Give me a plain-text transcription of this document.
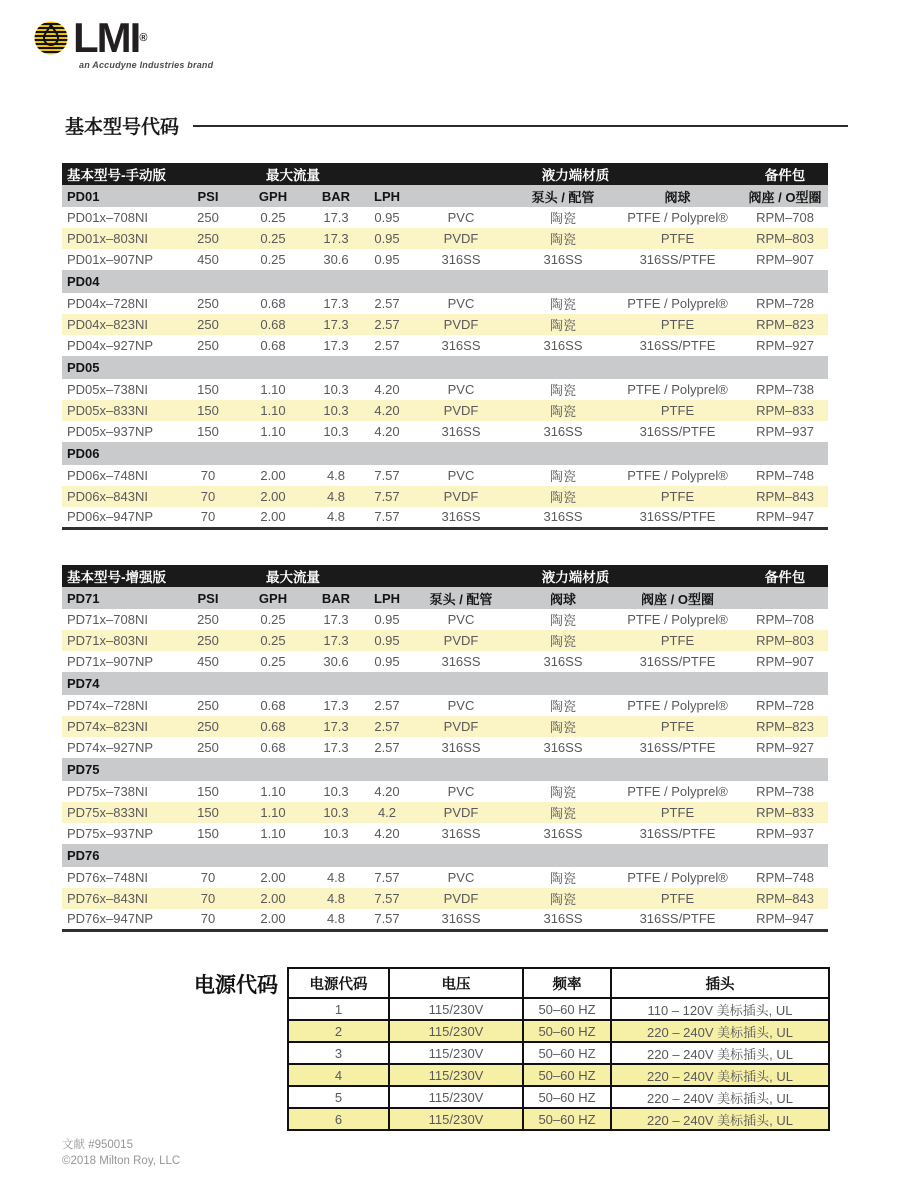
LMI®
an Accudyne Industries brand
基本型号代码
基本型号-手动版	最大流量				液力端材质			备件包
PD01	PSI	GPH	BAR	LPH		泵头 / 配管	阀球	阀座 / O型圈
PD01x–708NI	250	0.25	17.3	0.95	PVC	陶瓷	PTFE / Polyprel®	RPM–708
PD01x–803NI	250	0.25	17.3	0.95	PVDF	陶瓷	PTFE	RPM–803
PD01x–907NP	450	0.25	30.6	0.95	316SS	316SS	316SS/PTFE	RPM–907
PD04								
PD04x–728NI	250	0.68	17.3	2.57	PVC	陶瓷	PTFE / Polyprel®	RPM–728
PD04x–823NI	250	0.68	17.3	2.57	PVDF	陶瓷	PTFE	RPM–823
PD04x–927NP	250	0.68	17.3	2.57	316SS	316SS	316SS/PTFE	RPM–927
PD05								
PD05x–738NI	150	1.10	10.3	4.20	PVC	陶瓷	PTFE / Polyprel®	RPM–738
PD05x–833NI	150	1.10	10.3	4.20	PVDF	陶瓷	PTFE	RPM–833
PD05x–937NP	150	1.10	10.3	4.20	316SS	316SS	316SS/PTFE	RPM–937
PD06								
PD06x–748NI	70	2.00	4.8	7.57	PVC	陶瓷	PTFE / Polyprel®	RPM–748
PD06x–843NI	70	2.00	4.8	7.57	PVDF	陶瓷	PTFE	RPM–843
PD06x–947NP	70	2.00	4.8	7.57	316SS	316SS	316SS/PTFE	RPM–947
基本型号-增强版	最大流量				液力端材质			备件包
PD71	PSI	GPH	BAR	LPH	泵头 / 配管	阀球	阀座 / O型圈	
PD71x–708NI	250	0.25	17.3	0.95	PVC	陶瓷	PTFE / Polyprel®	RPM–708
PD71x–803NI	250	0.25	17.3	0.95	PVDF	陶瓷	PTFE	RPM–803
PD71x–907NP	450	0.25	30.6	0.95	316SS	316SS	316SS/PTFE	RPM–907
PD74								
PD74x–728NI	250	0.68	17.3	2.57	PVC	陶瓷	PTFE / Polyprel®	RPM–728
PD74x–823NI	250	0.68	17.3	2.57	PVDF	陶瓷	PTFE	RPM–823
PD74x–927NP	250	0.68	17.3	2.57	316SS	316SS	316SS/PTFE	RPM–927
PD75								
PD75x–738NI	150	1.10	10.3	4.20	PVC	陶瓷	PTFE / Polyprel®	RPM–738
PD75x–833NI	150	1.10	10.3	4.2	PVDF	陶瓷	PTFE	RPM–833
PD75x–937NP	150	1.10	10.3	4.20	316SS	316SS	316SS/PTFE	RPM–937
PD76								
PD76x–748NI	70	2.00	4.8	7.57	PVC	陶瓷	PTFE / Polyprel®	RPM–748
PD76x–843NI	70	2.00	4.8	7.57	PVDF	陶瓷	PTFE	RPM–843
PD76x–947NP	70	2.00	4.8	7.57	316SS	316SS	316SS/PTFE	RPM–947
电源代码 电源代码	电压	频率	插头
1	115/230V	50–60 HZ	110 – 120V 美标插头, UL
2	115/230V	50–60 HZ	220 – 240V 美标插头, UL
3	115/230V	50–60 HZ	220 – 240V 美标插头, UL
4	115/230V	50–60 HZ	220 – 240V 美标插头, UL
5	115/230V	50–60 HZ	220 – 240V 美标插头, UL
6	115/230V	50–60 HZ	220 – 240V 美标插头, UL
文献 #950015
©2018 Milton Roy, LLC
